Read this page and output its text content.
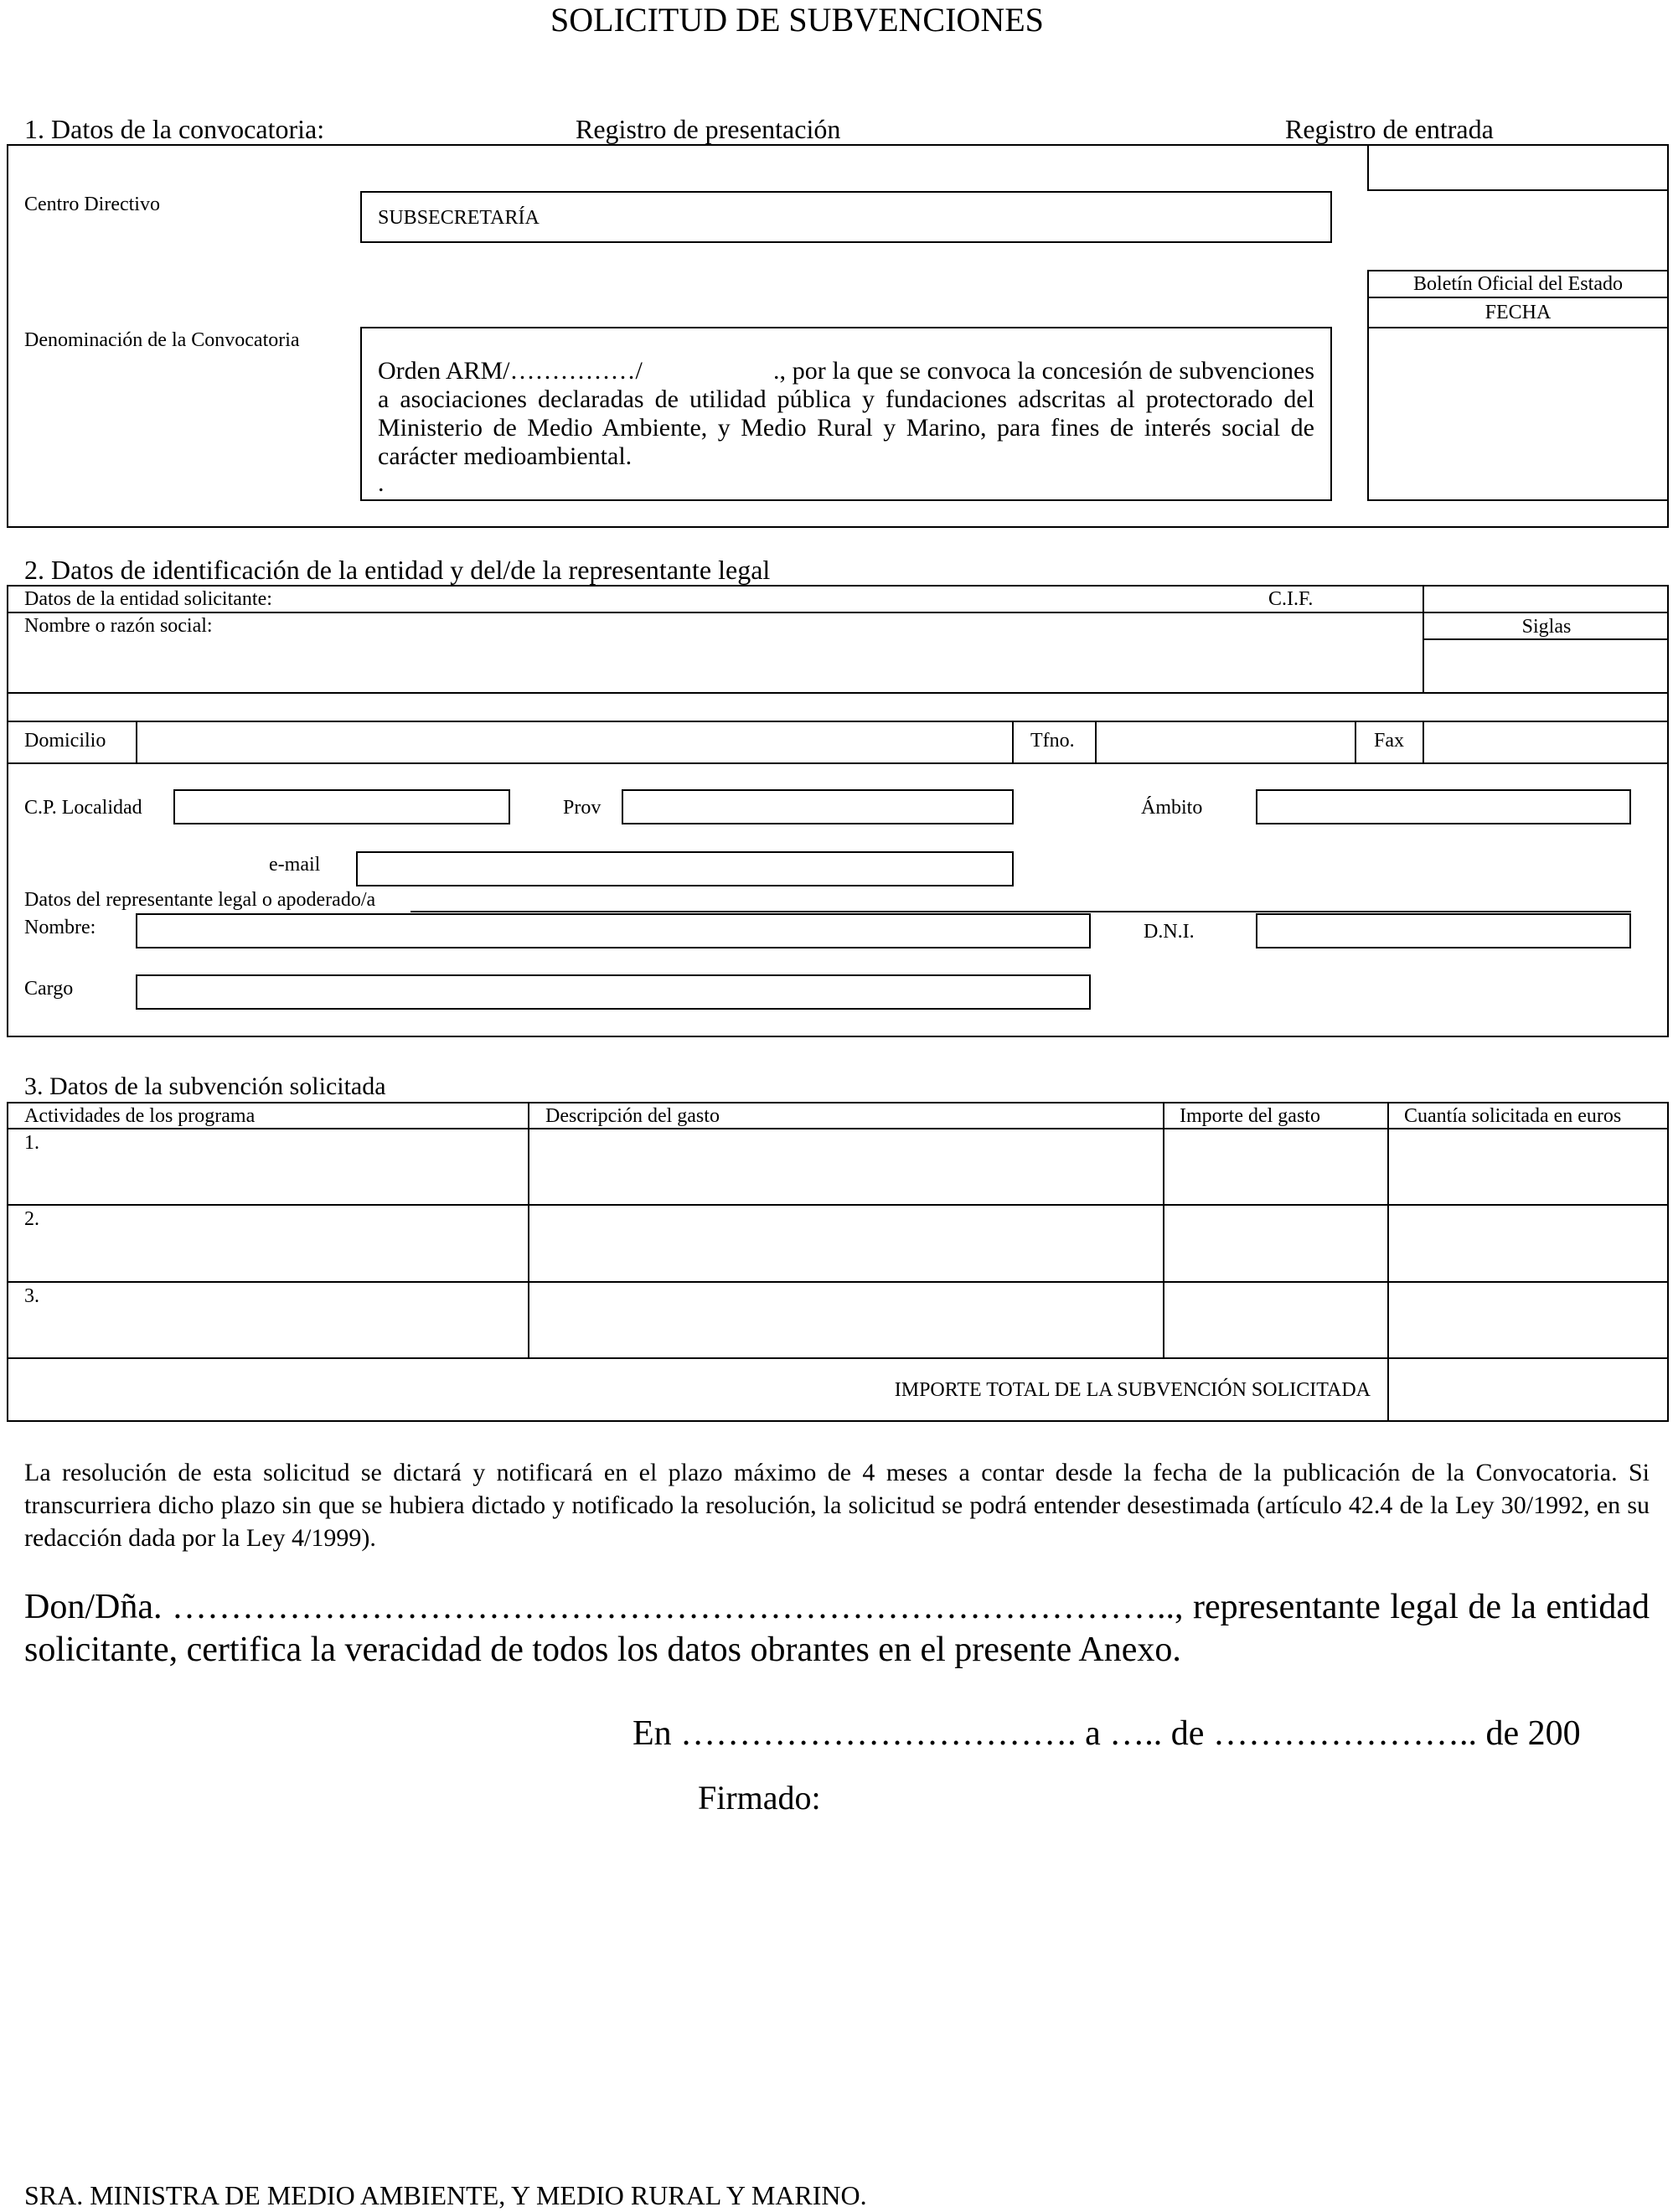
SOLICITUD DE SUBVENCIONES
1. Datos de la convocatoria:	Registro de presentación	Registro de entrada
Centro Directivo
SUBSECRETARÍA
Denominación de la Convocatoria
Orden ARM/……………/	., por la que se convoca la concesión de subvenciones a asociaciones declaradas de utilidad pública y fundaciones adscritas al protectorado del Ministerio de Medio Ambiente, y Medio Rural y Marino, para fines de interés social de carácter medioambiental.
.
Boletín Oficial del Estado
FECHA
2. Datos de identificación de la entidad y del/de la representante legal
Datos de la entidad solicitante:	C.I.F.
Nombre o razón social:	Siglas
Domicilio	Tfno.	Fax
C.P. Localidad	Prov	Ámbito
e-mail
Datos del representante legal o apoderado/a
Nombre:	D.N.I.
Cargo
3. Datos de la subvención solicitada
Actividades de los programa	Descripción del gasto	Importe del gasto	Cuantía solicitada en euros
1.
2.
3.
IMPORTE TOTAL DE LA SUBVENCIÓN SOLICITADA
La resolución de esta solicitud se dictará y notificará en el plazo máximo de 4 meses a contar desde la fecha de la publicación de la Convocatoria. Si transcurriera dicho plazo sin que se hubiera dictado y notificado la resolución, la solicitud se podrá entender desestimada (artículo 42.4 de la Ley 30/1992, en su redacción dada por la Ley 4/1999).
Don/Dña. ………………………………………………………………………….., representante legal de la entidad solicitante, certifica la veracidad de todos los datos obrantes en el presente Anexo.
En ……………………………. a ….. de ………………….. de 200
Firmado:
SRA. MINISTRA DE MEDIO AMBIENTE, Y MEDIO RURAL Y MARINO.
